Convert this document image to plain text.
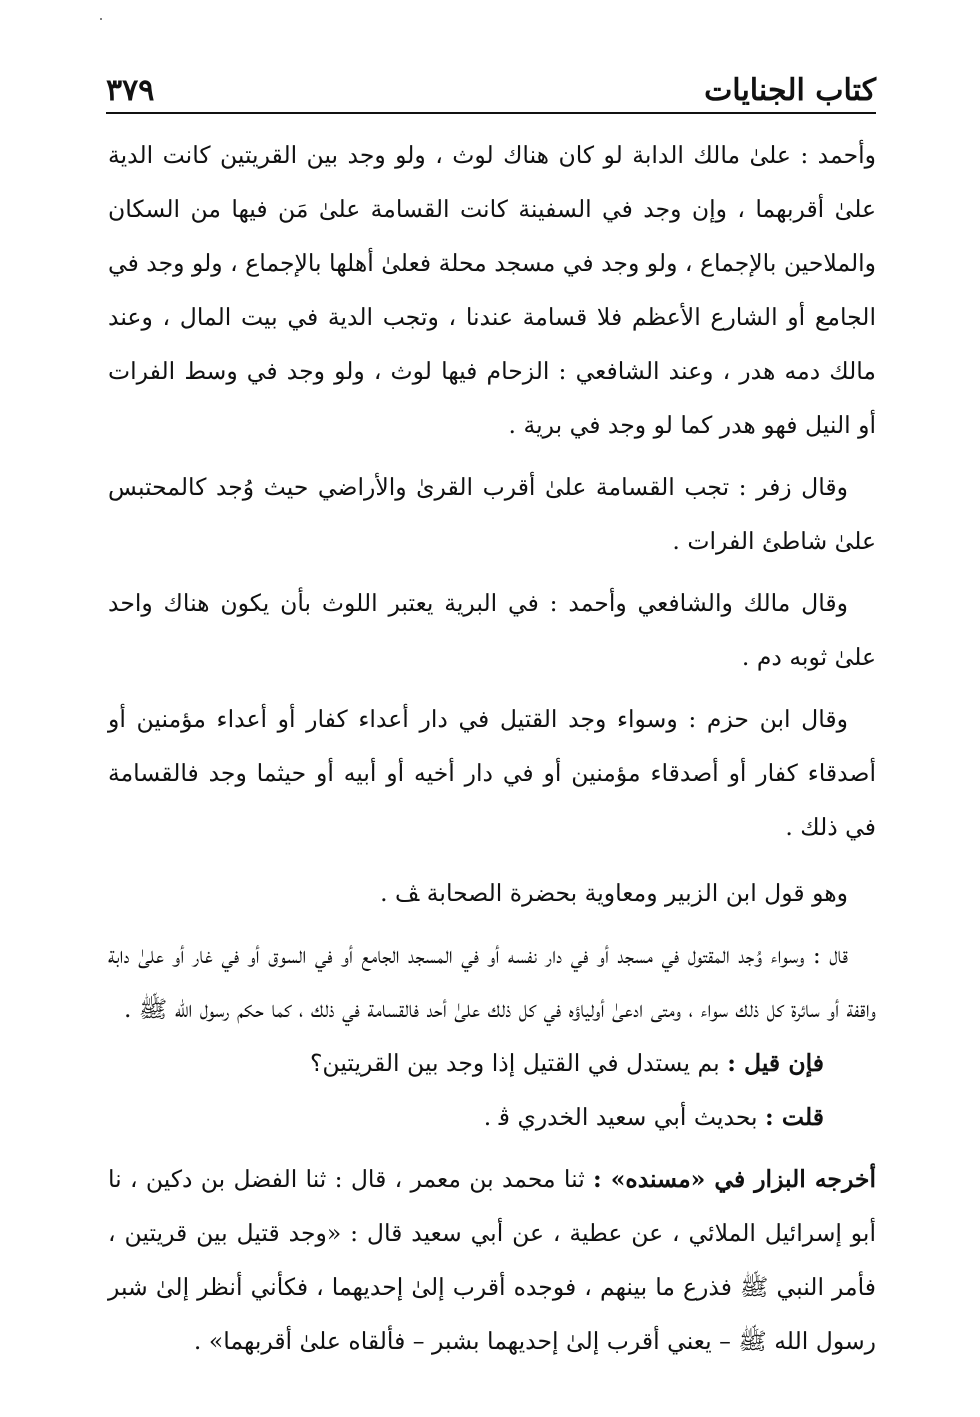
كتاب الجنايات
٣٧٩

وأحمد : علىٰ مالك الدابة لو كان هناك لوث ، ولو وجد بين القريتين كانت الدية علىٰ أقربهما ، وإن وجد في السفينة كانت القسامة علىٰ مَن فيها من السكان والملاحين بالإجماع ، ولو وجد في مسجد محلة فعلىٰ أهلها بالإجماع ، ولو وجد في الجامع أو الشارع الأعظم فلا قسامة عندنا ، وتجب الدية في بيت المال ، وعند مالك دمه هدر ، وعند الشافعي : الزحام فيها لوث ، ولو وجد في وسط الفرات أو النيل فهو هدر كما لو وجد في برية .

وقال زفر : تجب القسامة علىٰ أقرب القرىٰ والأراضي حيث وُجد كالمحتبس علىٰ شاطئ الفرات .

وقال مالك والشافعي وأحمد : في البرية يعتبر اللوث بأن يكون هناك واحد علىٰ ثوبه دم .

وقال ابن حزم : وسواء وجد القتيل في دار أعداء كفار أو أعداء مؤمنين أو أصدقاء كفار أو أصدقاء مؤمنين أو في دار أخيه أو أبيه أو حيثما وجد فالقسامة في ذلك .

وهو قول ابن الزبير ومعاوية بحضرة الصحابة ﭫ .

قال : وسواء وُجد المقتول في مسجد أو في دار نفسه أو في المسجد الجامع أو في السوق أو في غار أو علىٰ دابة واقفة أو سائرة كل ذلك سواء ، ومتى ادعىٰ أولياؤه في كل ذلك علىٰ أحد فالقسامة في ذلك ، كما حكم رسول الله ﷺ .

فإن قيل : بم يستدل في القتيل إذا وجد بين القريتين؟

قلت : بحديث أبي سعيد الخدري ﭬ .

أخرجه البزار في «مسنده» : ثنا محمد بن معمر ، قال : ثنا الفضل بن دكين ، نا أبو إسرائيل الملائي ، عن عطية ، عن أبي سعيد قال : «وجد قتيل بين قريتين ، فأمر النبي ﷺ فذرع ما بينهم ، فوجده أقرب إلىٰ إحديهما ، فكأني أنظر إلىٰ شبر رسول الله ﷺ – يعني أقرب إلىٰ إحديهما بشبر – فألقاه علىٰ أقربهما» .
